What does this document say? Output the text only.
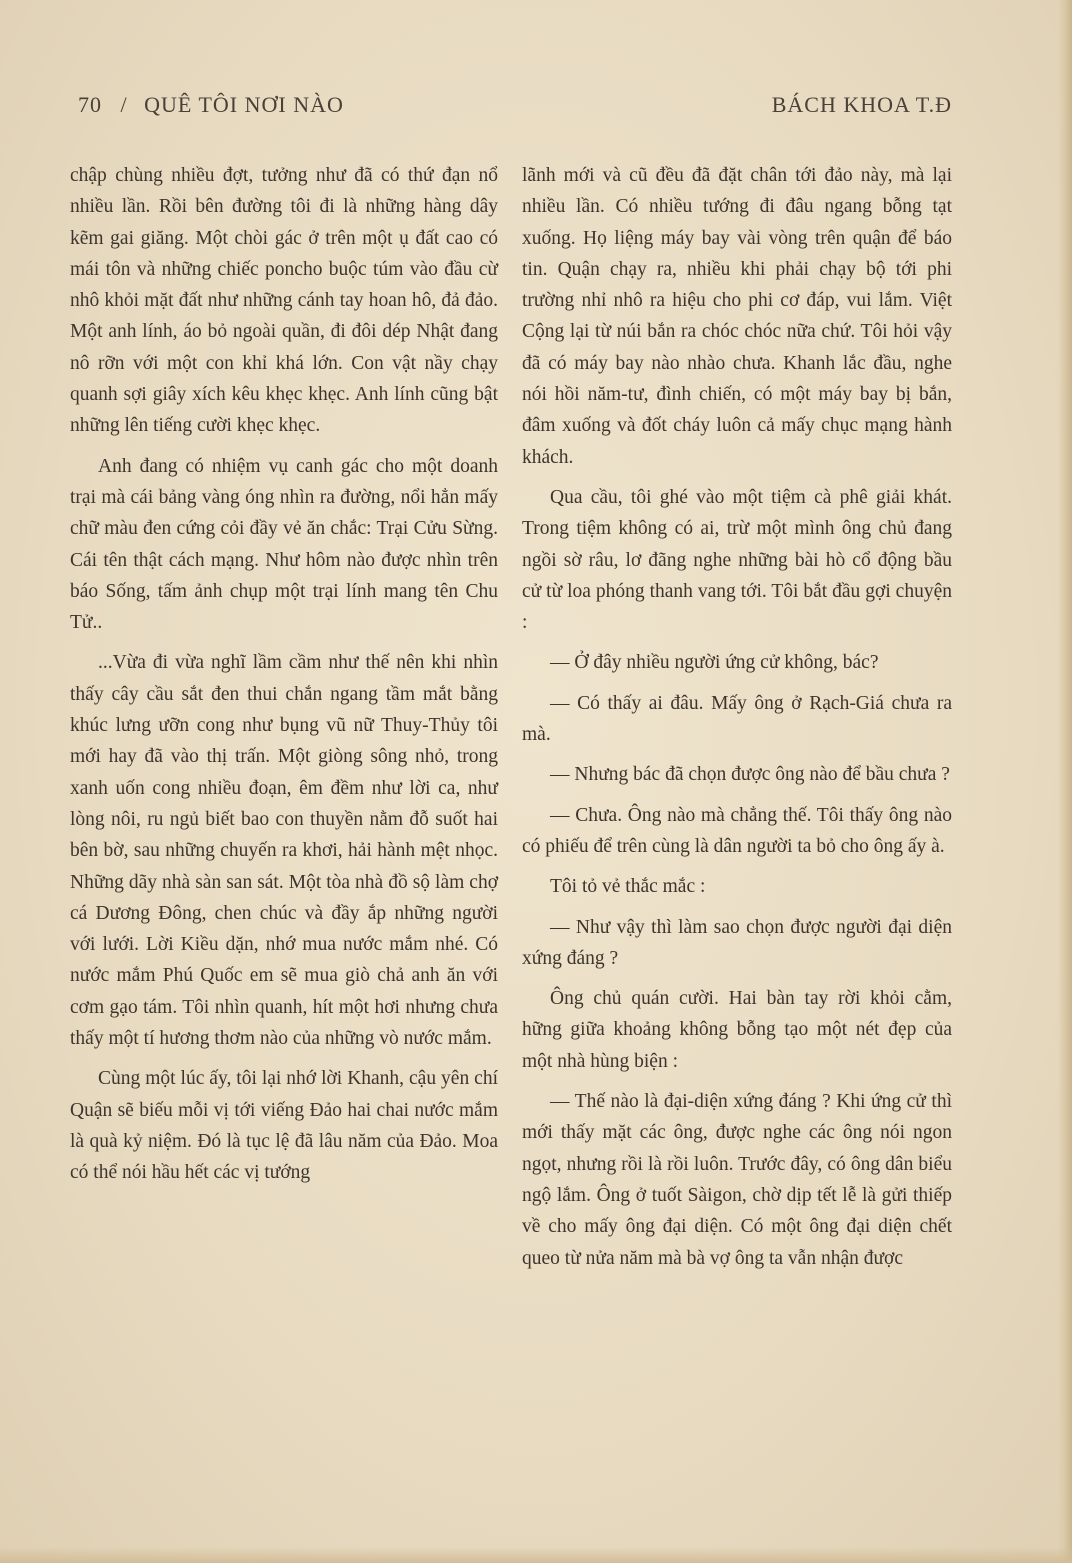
70 / QUÊ TÔI NƠI NÀO	BÁCH KHOA T.Đ

chập chùng nhiều đợt, tưởng như đã có thứ đạn nổ nhiều lần. Rồi bên đường tôi đi là những hàng dây kẽm gai giăng. Một chòi gác ở trên một ụ đất cao có mái tôn và những chiếc poncho buộc túm vào đầu cừ nhô khỏi mặt đất như những cánh tay hoan hô, đả đảo. Một anh lính, áo bỏ ngoài quần, đi đôi dép Nhật đang nô rỡn với một con khỉ khá lớn. Con vật nầy chạy quanh sợi giây xích kêu khẹc khẹc. Anh lính cũng bật những lên tiếng cười khẹc khẹc.

Anh đang có nhiệm vụ canh gác cho một doanh trại mà cái bảng vàng óng nhìn ra đường, nổi hẳn mấy chữ màu đen cứng cỏi đầy vẻ ăn chắc: Trại Cửu Sừng. Cái tên thật cách mạng. Như hôm nào được nhìn trên báo Sống, tấm ảnh chụp một trại lính mang tên Chu Tử..

...Vừa đi vừa nghĩ lầm cầm như thế nên khi nhìn thấy cây cầu sắt đen thui chắn ngang tầm mắt bằng khúc lưng ưỡn cong như bụng vũ nữ Thuy-Thủy tôi mới hay đã vào thị trấn. Một giòng sông nhỏ, trong xanh uốn cong nhiều đoạn, êm đềm như lời ca, như lòng nôi, ru ngủ biết bao con thuyền nằm đỗ suốt hai bên bờ, sau những chuyến ra khơi, hải hành mệt nhọc. Những dãy nhà sàn san sát. Một tòa nhà đồ sộ làm chợ cá Dương Đông, chen chúc và đầy ắp những người với lưới. Lời Kiều dặn, nhớ mua nước mắm nhé. Có nước mắm Phú Quốc em sẽ mua giò chả anh ăn với cơm gạo tám. Tôi nhìn quanh, hít một hơi nhưng chưa thấy một tí hương thơm nào của những vò nước mắm.

Cùng một lúc ấy, tôi lại nhớ lời Khanh, cậu yên chí Quận sẽ biếu mỗi vị tới viếng Đảo hai chai nước mắm là quà kỷ niệm. Đó là tục lệ đã lâu năm của Đảo. Moa có thể nói hầu hết các vị tướng

lãnh mới và cũ đều đã đặt chân tới đảo này, mà lại nhiều lần. Có nhiều tướng đi đâu ngang bỗng tạt xuống. Họ liệng máy bay vài vòng trên quận để báo tin. Quận chạy ra, nhiều khi phải chạy bộ tới phi trường nhỉ nhô ra hiệu cho phi cơ đáp, vui lắm. Việt Cộng lại từ núi bắn ra chóc chóc nữa chứ. Tôi hỏi vậy đã có máy bay nào nhào chưa. Khanh lắc đầu, nghe nói hồi năm-tư, đình chiến, có một máy bay bị bắn, đâm xuống và đốt cháy luôn cả mấy chục mạng hành khách.

Qua cầu, tôi ghé vào một tiệm cà phê giải khát. Trong tiệm không có ai, trừ một mình ông chủ đang ngồi sờ râu, lơ đãng nghe những bài hò cổ động bầu cử từ loa phóng thanh vang tới. Tôi bắt đầu gợi chuyện :

— Ở đây nhiều người ứng cử không, bác?

— Có thấy ai đâu. Mấy ông ở Rạch-Giá chưa ra mà.

— Nhưng bác đã chọn được ông nào để bầu chưa ?

— Chưa. Ông nào mà chẳng thế. Tôi thấy ông nào có phiếu để trên cùng là dân người ta bỏ cho ông ấy à.

Tôi tỏ vẻ thắc mắc :

— Như vậy thì làm sao chọn được người đại diện xứng đáng ?

Ông chủ quán cười. Hai bàn tay rời khỏi cằm, hững giữa khoảng không bỗng tạo một nét đẹp của một nhà hùng biện :

— Thế nào là đại-diện xứng đáng ? Khi ứng cử thì mới thấy mặt các ông, được nghe các ông nói ngon ngọt, nhưng rồi là rồi luôn. Trước đây, có ông dân biểu ngộ lắm. Ông ở tuốt Sàigon, chờ dịp tết lễ là gửi thiếp về cho mấy ông đại diện. Có một ông đại diện chết queo từ nửa năm mà bà vợ ông ta vẫn nhận được
